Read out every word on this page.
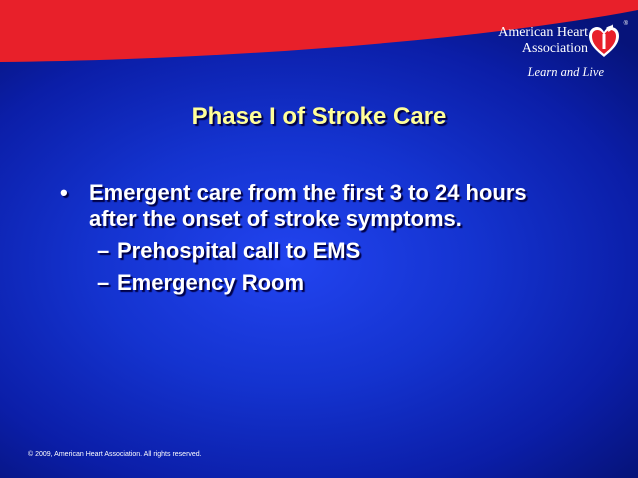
American Heart
Association
Learn and Live
®
Phase I of Stroke Care
• Emergent care from the first 3 to 24 hours after the onset of stroke symptoms.
– Prehospital call to EMS
– Emergency Room
© 2009, American Heart Association. All rights reserved.
